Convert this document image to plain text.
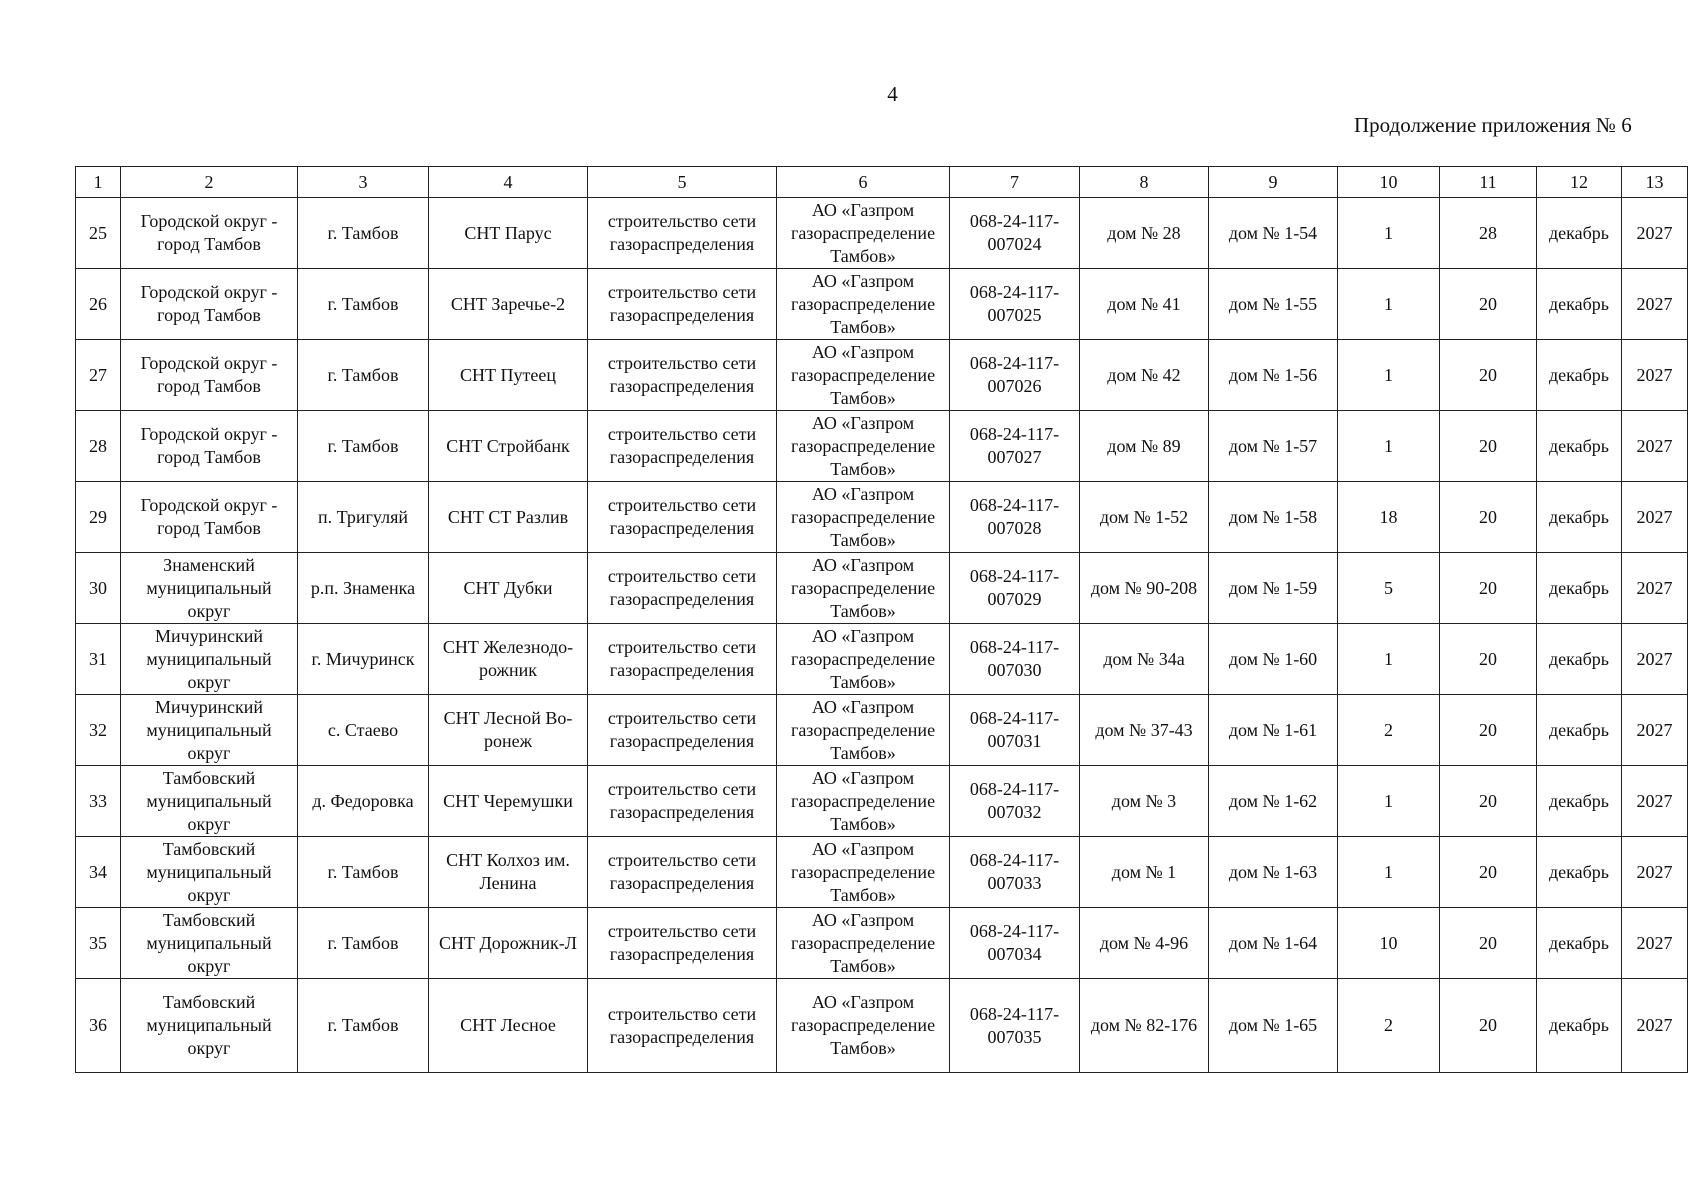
4
Продолжение приложения № 6
1	2	3	4	5	6	7	8	9	10	11	12	13
25	Городской округ - город Тамбов	г. Тамбов	СНТ Парус	строительство сети газораспределения	АО «Газпром газораспределение Тамбов»	068-24-117-007024	дом № 28	дом № 1-54	1	28	декабрь	2027
26	Городской округ - город Тамбов	г. Тамбов	СНТ Заречье-2	строительство сети газораспределения	АО «Газпром газораспределение Тамбов»	068-24-117-007025	дом № 41	дом № 1-55	1	20	декабрь	2027
27	Городской округ - город Тамбов	г. Тамбов	СНТ Путеец	строительство сети газораспределения	АО «Газпром газораспределение Тамбов»	068-24-117-007026	дом № 42	дом № 1-56	1	20	декабрь	2027
28	Городской округ - город Тамбов	г. Тамбов	СНТ Стройбанк	строительство сети газораспределения	АО «Газпром газораспределение Тамбов»	068-24-117-007027	дом № 89	дом № 1-57	1	20	декабрь	2027
29	Городской округ - город Тамбов	п. Тригуляй	СНТ СТ Разлив	строительство сети газораспределения	АО «Газпром газораспределение Тамбов»	068-24-117-007028	дом № 1-52	дом № 1-58	18	20	декабрь	2027
30	Знаменский муниципальный округ	р.п. Знаменка	СНТ Дубки	строительство сети газораспределения	АО «Газпром газораспределение Тамбов»	068-24-117-007029	дом № 90-208	дом № 1-59	5	20	декабрь	2027
31	Мичуринский муниципальный округ	г. Мичуринск	СНТ Железнодо-рожник	строительство сети газораспределения	АО «Газпром газораспределение Тамбов»	068-24-117-007030	дом № 34а	дом № 1-60	1	20	декабрь	2027
32	Мичуринский муниципальный округ	с. Стаево	СНТ Лесной Во-ронеж	строительство сети газораспределения	АО «Газпром газораспределение Тамбов»	068-24-117-007031	дом № 37-43	дом № 1-61	2	20	декабрь	2027
33	Тамбовский муниципальный округ	д. Федоровка	СНТ Черемушки	строительство сети газораспределения	АО «Газпром газораспределение Тамбов»	068-24-117-007032	дом № 3	дом № 1-62	1	20	декабрь	2027
34	Тамбовский муниципальный округ	г. Тамбов	СНТ Колхоз им. Ленина	строительство сети газораспределения	АО «Газпром газораспределение Тамбов»	068-24-117-007033	дом № 1	дом № 1-63	1	20	декабрь	2027
35	Тамбовский муниципальный округ	г. Тамбов	СНТ Дорожник-Л	строительство сети газораспределения	АО «Газпром газораспределение Тамбов»	068-24-117-007034	дом № 4-96	дом № 1-64	10	20	декабрь	2027
36	Тамбовский муниципальный округ	г. Тамбов	СНТ Лесное	строительство сети газораспределения	АО «Газпром газораспределение Тамбов»	068-24-117-007035	дом № 82-176	дом № 1-65	2	20	декабрь	2027
